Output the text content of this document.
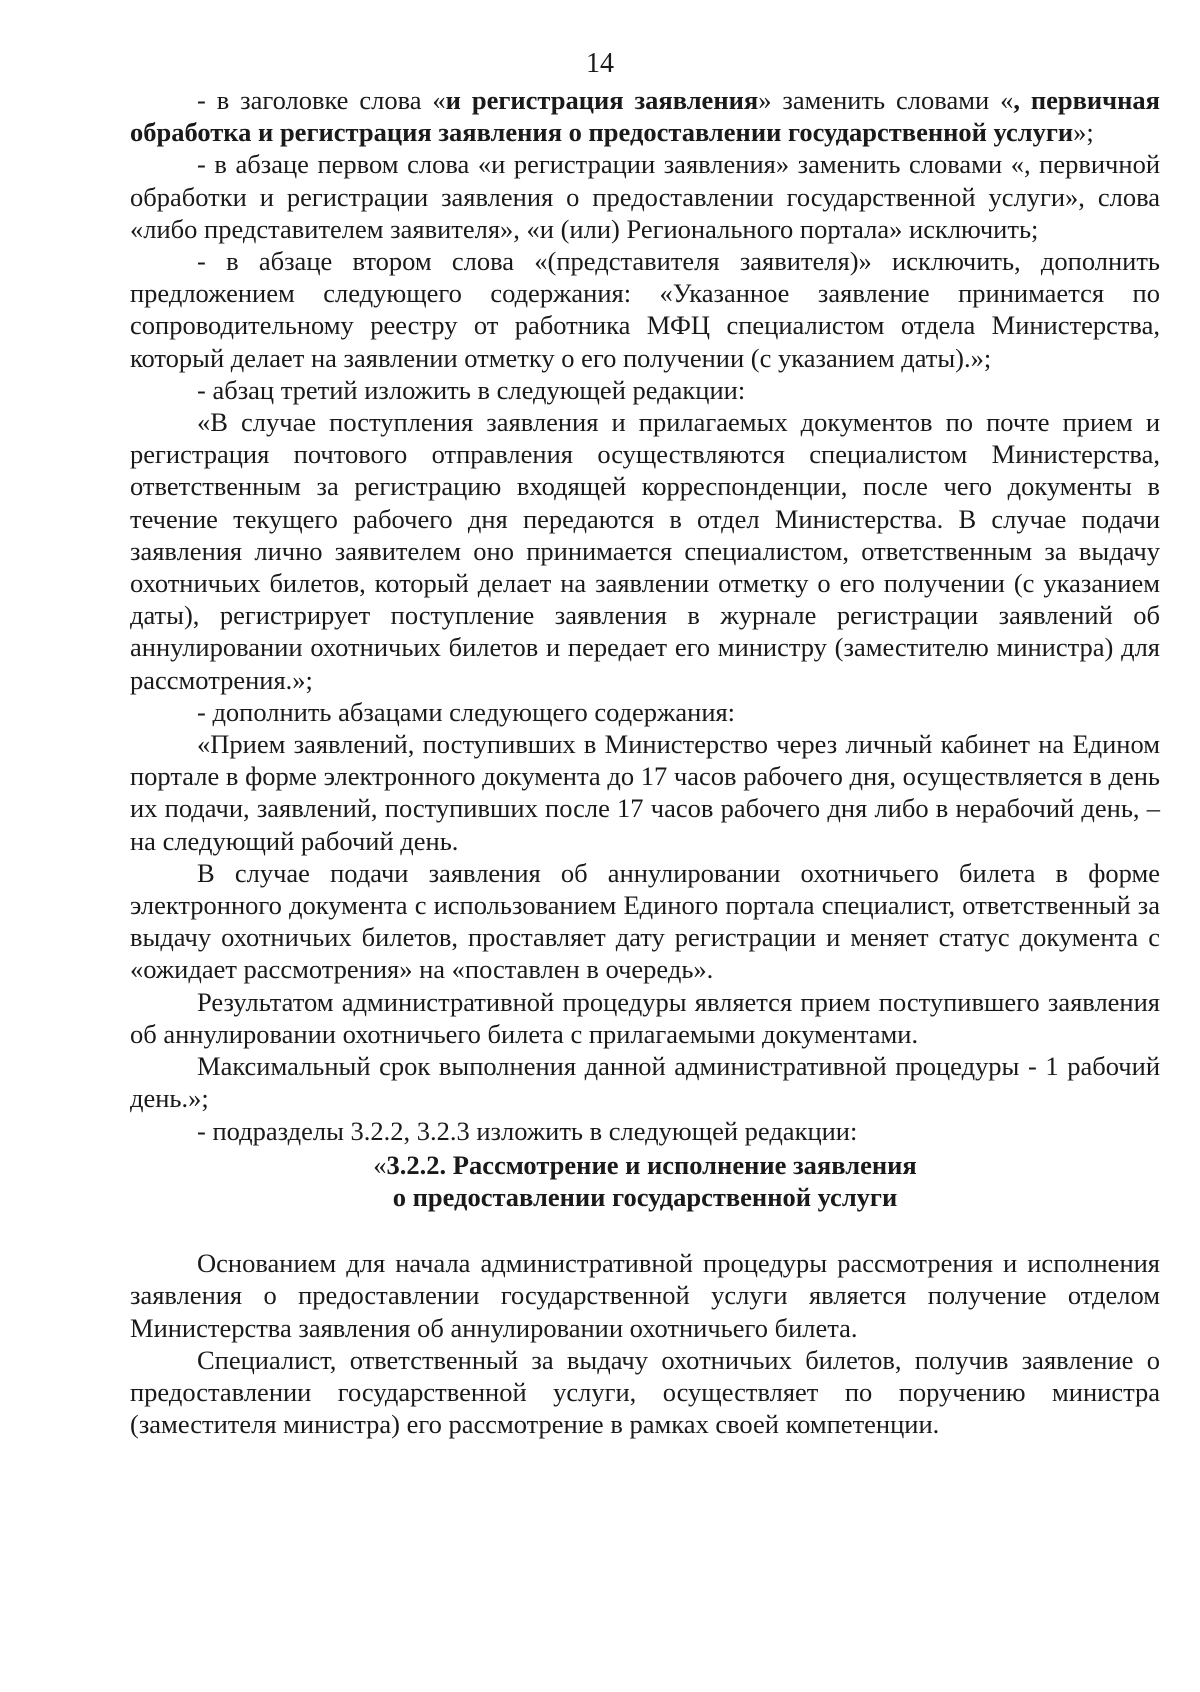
14

- в заголовке слова «и регистрация заявления» заменить словами «, первичная обработка и регистрация заявления о предоставлении государственной услуги»;

- в абзаце первом слова «и регистрации заявления» заменить словами «, первичной обработки и регистрации заявления о предоставлении государственной услуги», слова «либо представителем заявителя», «и (или) Регионального портала» исключить;

- в абзаце втором слова «(представителя заявителя)» исключить, дополнить предложением следующего содержания: «Указанное заявление принимается по сопроводительному реестру от работника МФЦ специалистом отдела Министерства, который делает на заявлении отметку о его получении (с указанием даты).»;

- абзац третий изложить в следующей редакции:

«В случае поступления заявления и прилагаемых документов по почте прием и регистрация почтового отправления осуществляются специалистом Министерства, ответственным за регистрацию входящей корреспонденции, после чего документы в течение текущего рабочего дня передаются в отдел Министерства. В случае подачи заявления лично заявителем оно принимается специалистом, ответственным за выдачу охотничьих билетов, который делает на заявлении отметку о его получении (с указанием даты), регистрирует поступление заявления в журнале регистрации заявлений об аннулировании охотничьих билетов и передает его министру (заместителю министра) для рассмотрения.»;

- дополнить абзацами следующего содержания:

«Прием заявлений, поступивших в Министерство через личный кабинет на Едином портале в форме электронного документа до 17 часов рабочего дня, осуществляется в день их подачи, заявлений, поступивших после 17 часов рабочего дня либо в нерабочий день, – на следующий рабочий день.

В случае подачи заявления об аннулировании охотничьего билета в форме электронного документа с использованием Единого портала специалист, ответственный за выдачу охотничьих билетов, проставляет дату регистрации и меняет статус документа с «ожидает рассмотрения» на «поставлен в очередь».

Результатом административной процедуры является прием поступившего заявления об аннулировании охотничьего билета с прилагаемыми документами.

Максимальный срок выполнения данной административной процедуры - 1 рабочий день.»;

- подразделы 3.2.2, 3.2.3 изложить в следующей редакции:

«3.2.2. Рассмотрение и исполнение заявления
о предоставлении государственной услуги

Основанием для начала административной процедуры рассмотрения и исполнения заявления о предоставлении государственной услуги является получение отделом Министерства заявления об аннулировании охотничьего билета.

Специалист, ответственный за выдачу охотничьих билетов, получив заявление о предоставлении государственной услуги, осуществляет по поручению министра (заместителя министра) его рассмотрение в рамках своей компетенции.
